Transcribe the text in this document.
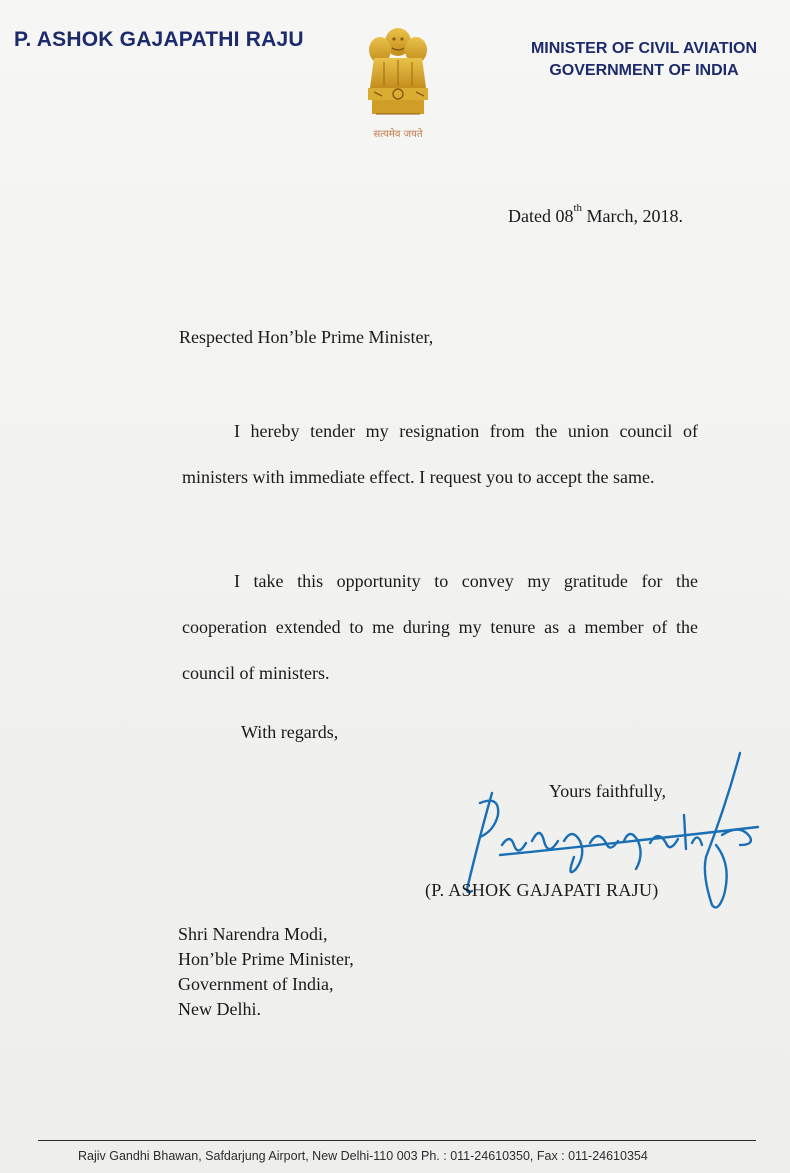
P. ASHOK GAJAPATHI RAJU
सत्यमेव जयते
MINISTER OF CIVIL AVIATION
GOVERNMENT OF INDIA
Dated 08th March, 2018.
Respected Hon’ble Prime Minister,

I hereby tender my resignation from the union council of ministers with immediate effect. I request you to accept the same.

I take this opportunity to convey my gratitude for the cooperation extended to me during my tenure as a member of the council of ministers.

With regards,
Yours faithfully,
(P. ASHOK GAJAPATI RAJU)
Shri Narendra Modi,
Hon’ble Prime Minister,
Government of India,
New Delhi.
Rajiv Gandhi Bhawan, Safdarjung Airport, New Delhi-110 003 Ph. : 011-24610350, Fax : 011-24610354
